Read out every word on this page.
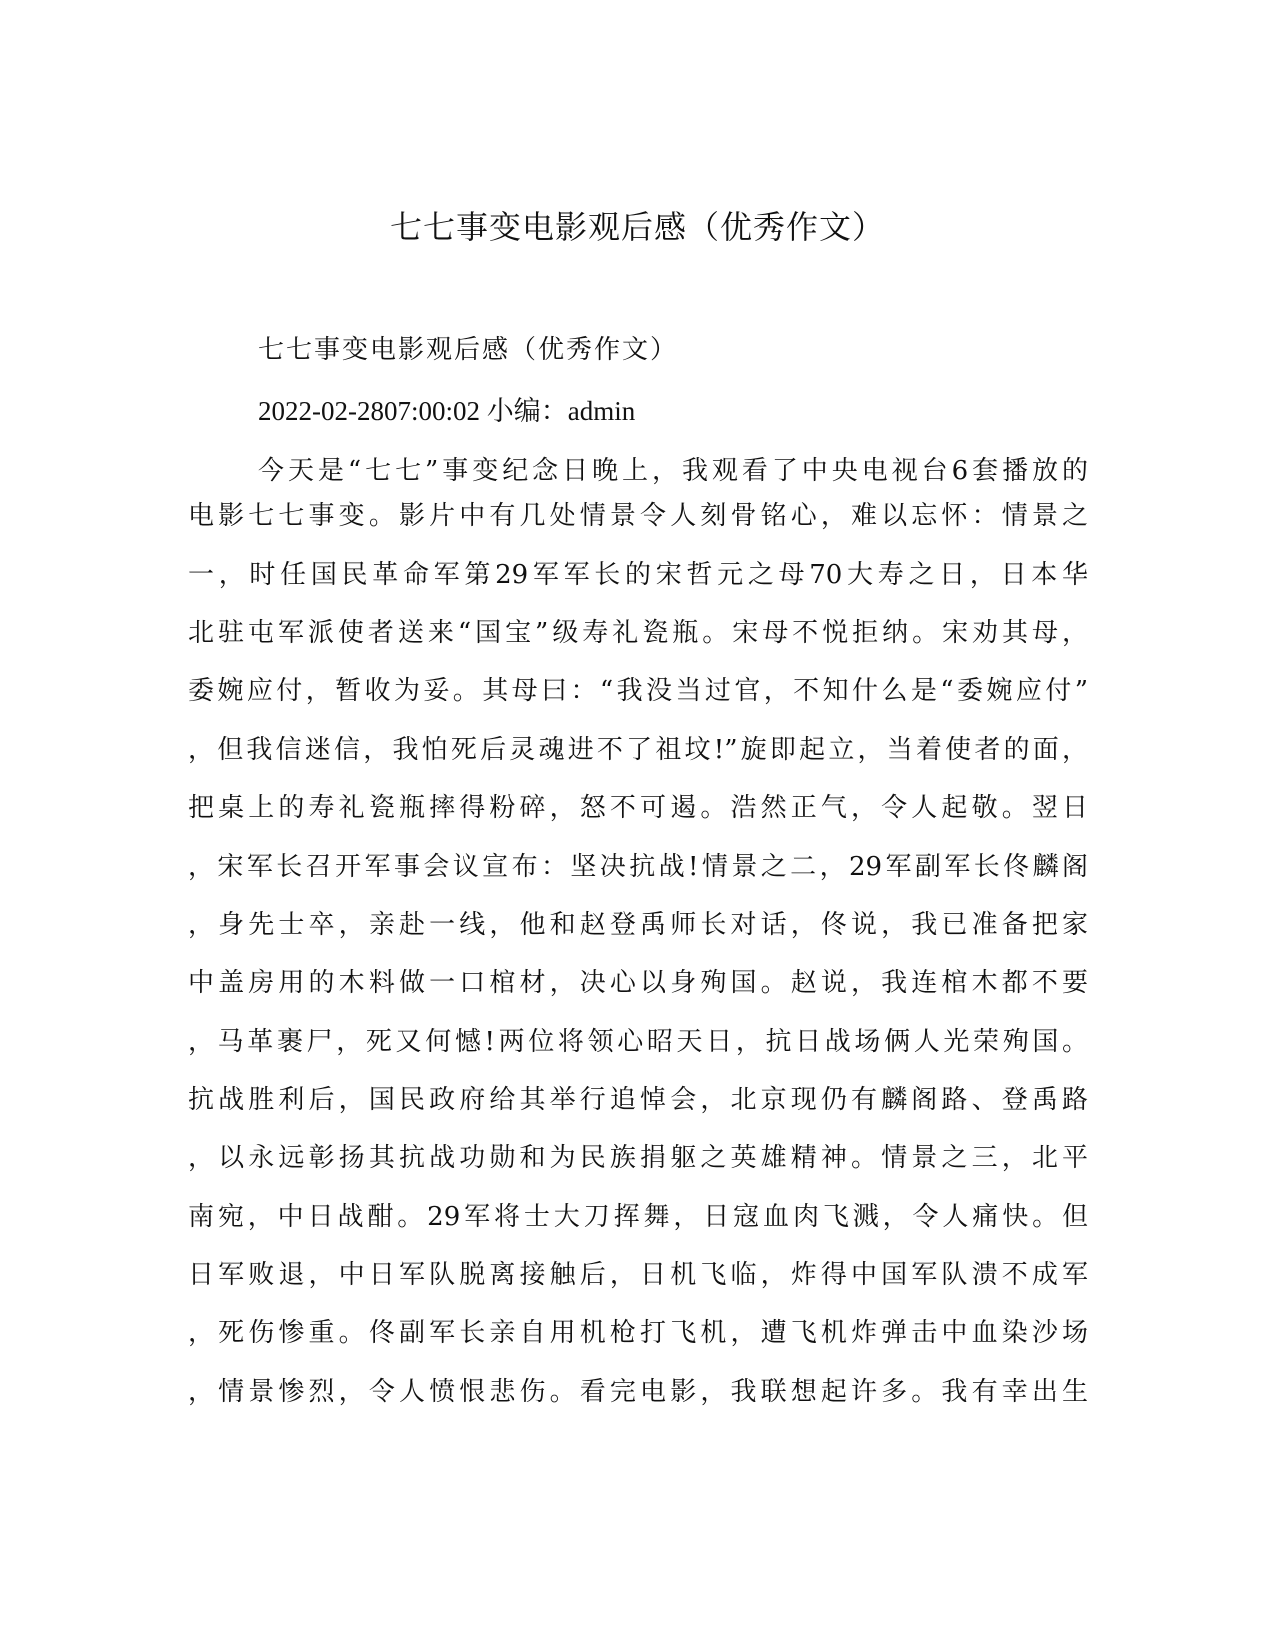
七七事变电影观后感（优秀作文）
七七事变电影观后感（优秀作文）
2022-02-2807:00:02 小编：admin
今天是“七七”事变纪念日晚上，我观看了中央电视台6套播放的
电影七七事变。影片中有几处情景令人刻骨铭心，难以忘怀：情景之
一，时任国民革命军第29军军长的宋哲元之母70大寿之日，日本华
北驻屯军派使者送来“国宝”级寿礼瓷瓶。宋母不悦拒纳。宋劝其母，
委婉应付，暂收为妥。其母曰：“我没当过官，不知什么是“委婉应付”
，但我信迷信，我怕死后灵魂进不了祖坟!”旋即起立，当着使者的面，
把桌上的寿礼瓷瓶摔得粉碎，怒不可遏。浩然正气，令人起敬。翌日
，宋军长召开军事会议宣布：坚决抗战!情景之二，29军副军长佟麟阁
，身先士卒，亲赴一线，他和赵登禹师长对话，佟说，我已准备把家
中盖房用的木料做一口棺材，决心以身殉国。赵说，我连棺木都不要
，马革裹尸，死又何憾!两位将领心昭天日，抗日战场俩人光荣殉国。
抗战胜利后，国民政府给其举行追悼会，北京现仍有麟阁路、登禹路
，以永远彰扬其抗战功勋和为民族捐躯之英雄精神。情景之三，北平
南宛，中日战酣。29军将士大刀挥舞，日寇血肉飞溅，令人痛快。但
日军败退，中日军队脱离接触后，日机飞临，炸得中国军队溃不成军
，死伤惨重。佟副军长亲自用机枪打飞机，遭飞机炸弹击中血染沙场
，情景惨烈，令人愤恨悲伤。看完电影，我联想起许多。我有幸出生
